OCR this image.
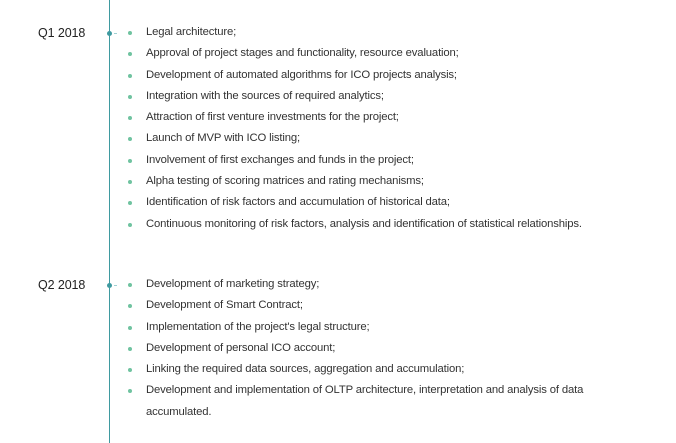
Q1 2018	Legal architecture;
Approval of project stages and functionality, resource evaluation;
Development of automated algorithms for ICO projects analysis;
Integration with the sources of required analytics;
Attraction of first venture investments for the project;
Launch of MVP with ICO listing;
Involvement of first exchanges and funds in the project;
Alpha testing of scoring matrices and rating mechanisms;
Identification of risk factors and accumulation of historical data;
Continuous monitoring of risk factors, analysis and identification of statistical relationships.
Q2 2018	Development of marketing strategy;
Development of Smart Contract;
Implementation of the project's legal structure;
Development of personal ICO account;
Linking the required data sources, aggregation and accumulation;
Development and implementation of OLTP architecture, interpretation and analysis of data accumulated.
